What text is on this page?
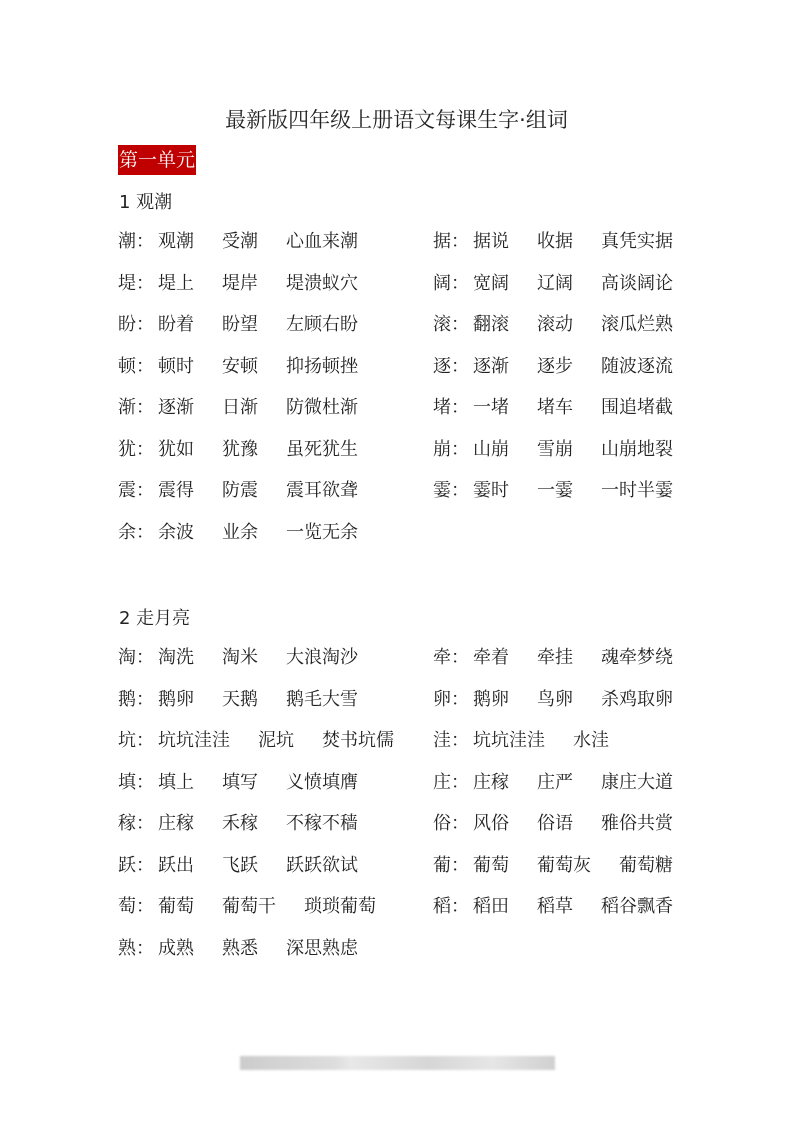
最新版四年级上册语文每课生字·组词
第一单元
1 观潮
潮： 观潮 受潮 心血来潮	据： 据说 收据 真凭实据
堤： 堤上 堤岸 堤溃蚁穴	阔： 宽阔 辽阔 高谈阔论
盼： 盼着 盼望 左顾右盼	滚： 翻滚 滚动 滚瓜烂熟
顿： 顿时 安顿 抑扬顿挫	逐： 逐渐 逐步 随波逐流
渐： 逐渐 日渐 防微杜渐	堵： 一堵 堵车 围追堵截
犹： 犹如 犹豫 虽死犹生	崩： 山崩 雪崩 山崩地裂
震： 震得 防震 震耳欲聋	霎： 霎时 一霎 一时半霎
余： 余波 业余 一览无余
2 走月亮
淘： 淘洗 淘米 大浪淘沙	牵： 牵着 牵挂 魂牵梦绕
鹅： 鹅卵 天鹅 鹅毛大雪	卵： 鹅卵 鸟卵 杀鸡取卵
坑： 坑坑洼洼 泥坑 焚书坑儒 洼： 坑坑洼洼 水洼
填： 填上 填写 义愤填膺	庄： 庄稼 庄严 康庄大道
稼： 庄稼 禾稼 不稼不穑	俗： 风俗 俗语 雅俗共赏
跃： 跃出 飞跃 跃跃欲试	葡： 葡萄 葡萄灰 葡萄糖
萄： 葡萄 葡萄干 琐琐葡萄	稻： 稻田 稻草 稻谷飘香
熟： 成熟 熟悉 深思熟虑
